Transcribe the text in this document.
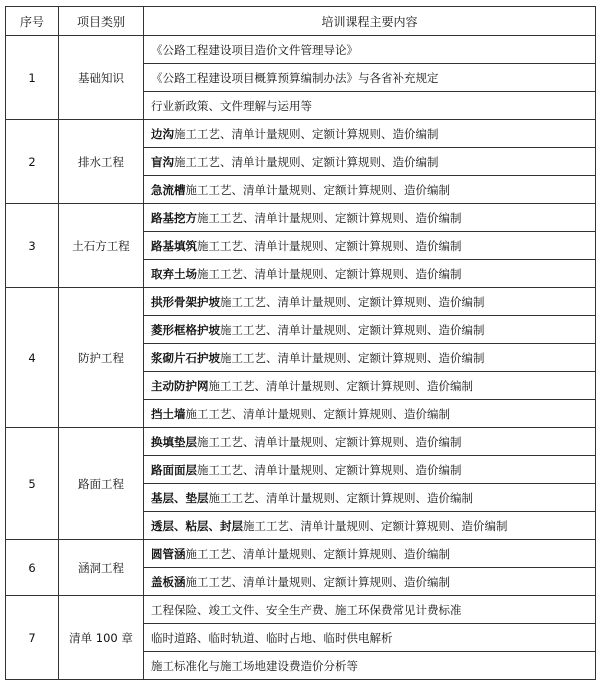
序号	项目类别	培训课程主要内容
1	基础知识	《公路工程建设项目造价文件管理导论》
		《公路工程建设项目概算预算编制办法》与各省补充规定
		行业新政策、文件理解与运用等
2	排水工程	边沟施工工艺、清单计量规则、定额计算规则、造价编制
		盲沟施工工艺、清单计量规则、定额计算规则、造价编制
		急流槽施工工艺、清单计量规则、定额计算规则、造价编制
3	土石方工程	路基挖方施工工艺、清单计量规则、定额计算规则、造价编制
		路基填筑施工工艺、清单计量规则、定额计算规则、造价编制
		取弃土场施工工艺、清单计量规则、定额计算规则、造价编制
4	防护工程	拱形骨架护坡施工工艺、清单计量规则、定额计算规则、造价编制
		菱形框格护坡施工工艺、清单计量规则、定额计算规则、造价编制
		浆砌片石护坡施工工艺、清单计量规则、定额计算规则、造价编制
		主动防护网施工工艺、清单计量规则、定额计算规则、造价编制
		挡土墙施工工艺、清单计量规则、定额计算规则、造价编制
5	路面工程	换填垫层施工工艺、清单计量规则、定额计算规则、造价编制
		路面面层施工工艺、清单计量规则、定额计算规则、造价编制
		基层、垫层施工工艺、清单计量规则、定额计算规则、造价编制
		透层、粘层、封层施工工艺、清单计量规则、定额计算规则、造价编制
6	涵洞工程	圆管涵施工工艺、清单计量规则、定额计算规则、造价编制
		盖板涵施工工艺、清单计量规则、定额计算规则、造价编制
7	清单 100 章	工程保险、竣工文件、安全生产费、施工环保费常见计费标准
		临时道路、临时轨道、临时占地、临时供电解析
		施工标准化与施工场地建设费造价分析等
